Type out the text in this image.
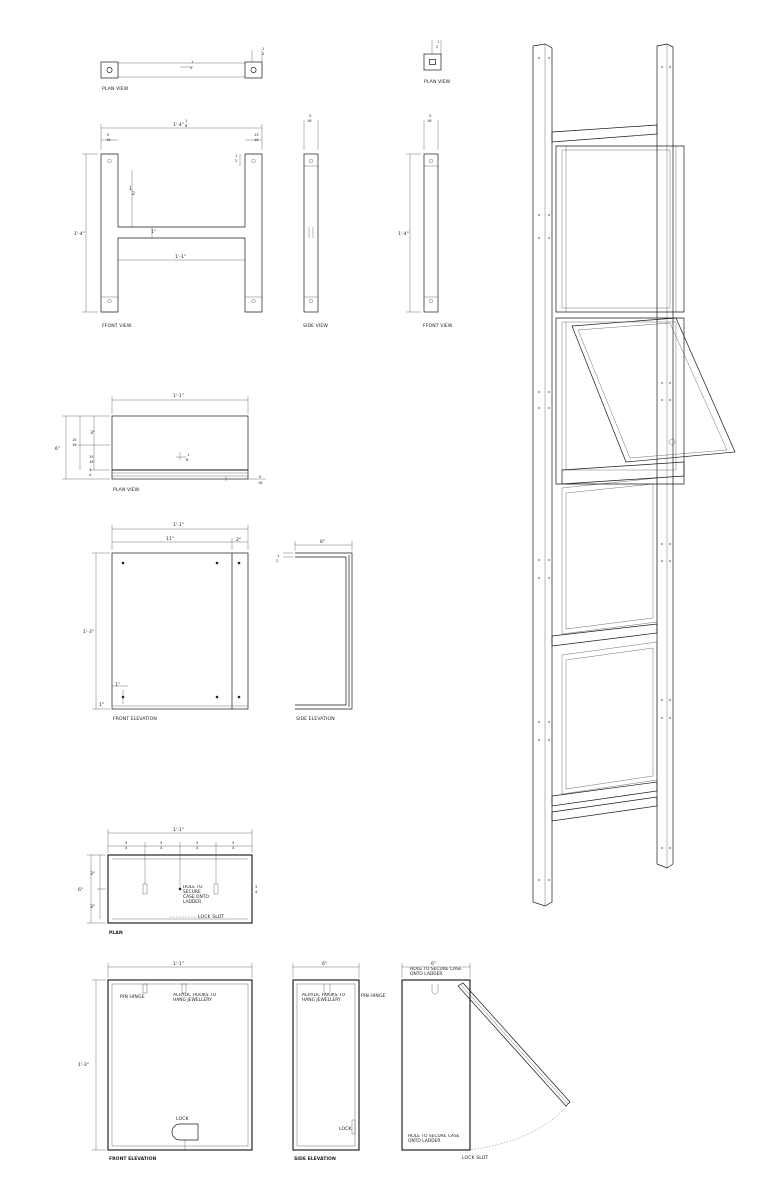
PLAN VIEW
1
2
1
2
PLAN VIEW
1
2
1'-4"
1
8
5
16
13
16
1
2
1'-4"
1
2
1"
1'-1"
FFONT VIEW
5
16
SIDE VIEW
5
16
1'-4"
FFONT VIEW
1'-1"
6"
3"
15
16
15
16
3
4
1
8
5
16
PLAN VIEW
1'-1"
11"	2"
1'-3"
1"
1"
FRONT ELEVATION
6"
1
2
SIDE ELEVATION
1'-1"
3
4
3
4
3
4
3
4
3
4
6"
3"
3"
HOLE TO SECURE CASE ONTO LADDER
LOCK SLOT
PLAN
1'-1"
1'-3"
PIN HINGE	ACRYLIC HOOKS TO HANG JEWELLERY
LOCK
FRONT ELEVATION
6"
ACRYLIC HOOKS TO HANG JEWELLERY
PIN HINGE
LOCK
SIDE ELEVATION
6"
HOLE TO SECURE CASE ONTO LADDER
HOLE TO SECURE CASE ONTO LADDER
LOCK SLOT
